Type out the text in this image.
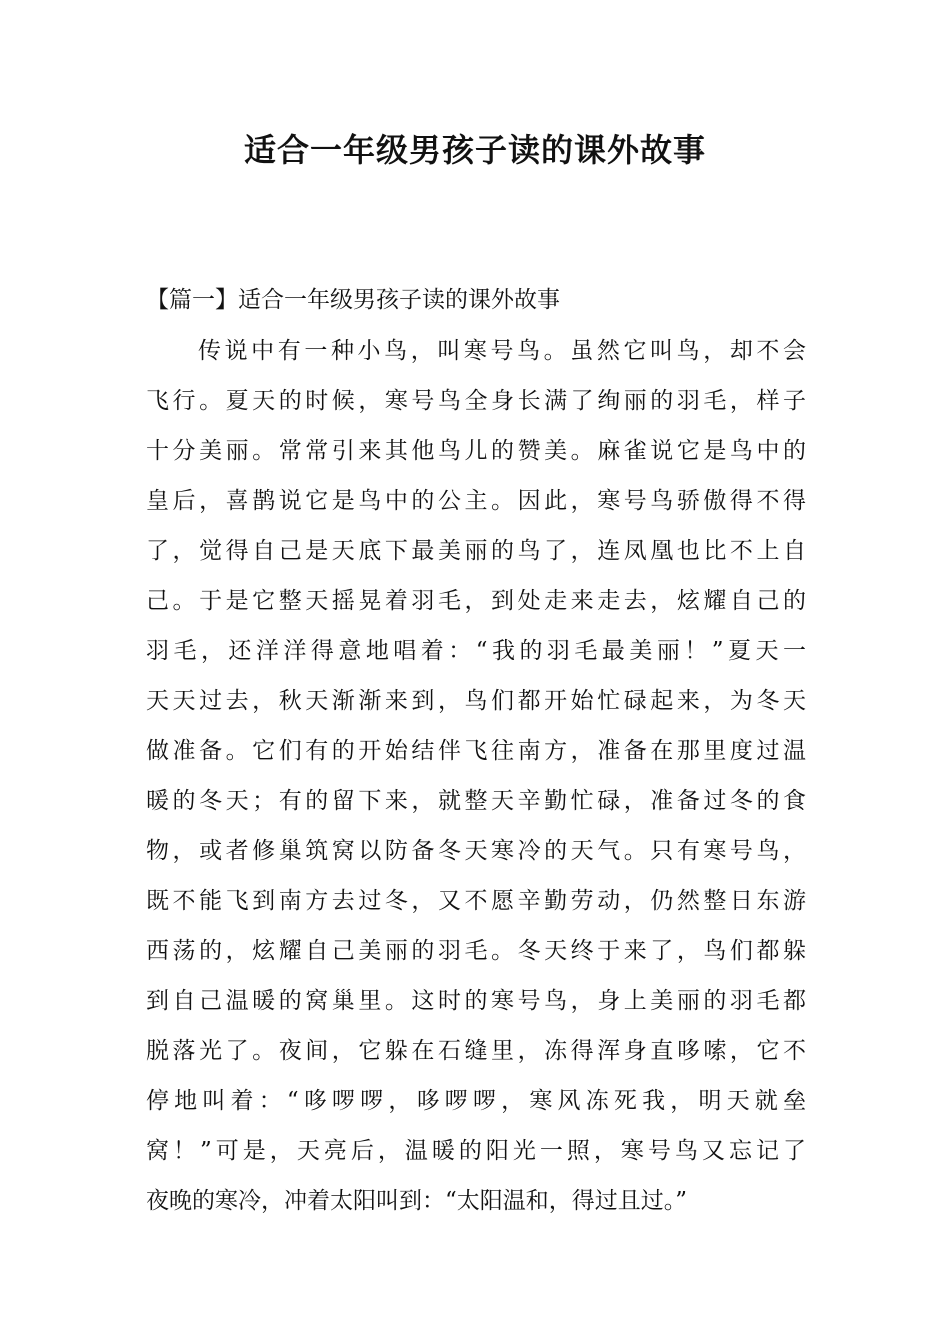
适合一年级男孩子读的课外故事

【篇一】适合一年级男孩子读的课外故事

传说中有一种小鸟，叫寒号鸟。虽然它叫鸟，却不会
飞行。夏天的时候，寒号鸟全身长满了绚丽的羽毛，样子
十分美丽。常常引来其他鸟儿的赞美。麻雀说它是鸟中的
皇后，喜鹊说它是鸟中的公主。因此，寒号鸟骄傲得不得
了，觉得自己是天底下最美丽的鸟了，连凤凰也比不上自
己。于是它整天摇晃着羽毛，到处走来走去，炫耀自己的
羽毛，还洋洋得意地唱着：“我的羽毛最美丽！”夏天一
天天过去，秋天渐渐来到，鸟们都开始忙碌起来，为冬天
做准备。它们有的开始结伴飞往南方，准备在那里度过温
暖的冬天；有的留下来，就整天辛勤忙碌，准备过冬的食
物，或者修巢筑窝以防备冬天寒冷的天气。只有寒号鸟，
既不能飞到南方去过冬，又不愿辛勤劳动，仍然整日东游
西荡的，炫耀自己美丽的羽毛。冬天终于来了，鸟们都躲
到自己温暖的窝巢里。这时的寒号鸟，身上美丽的羽毛都
脱落光了。夜间，它躲在石缝里，冻得浑身直哆嗦，它不
停地叫着：“哆啰啰，哆啰啰，寒风冻死我，明天就垒
窝！”可是，天亮后，温暖的阳光一照，寒号鸟又忘记了
夜晚的寒冷，冲着太阳叫到：“太阳温和，得过且过。”
